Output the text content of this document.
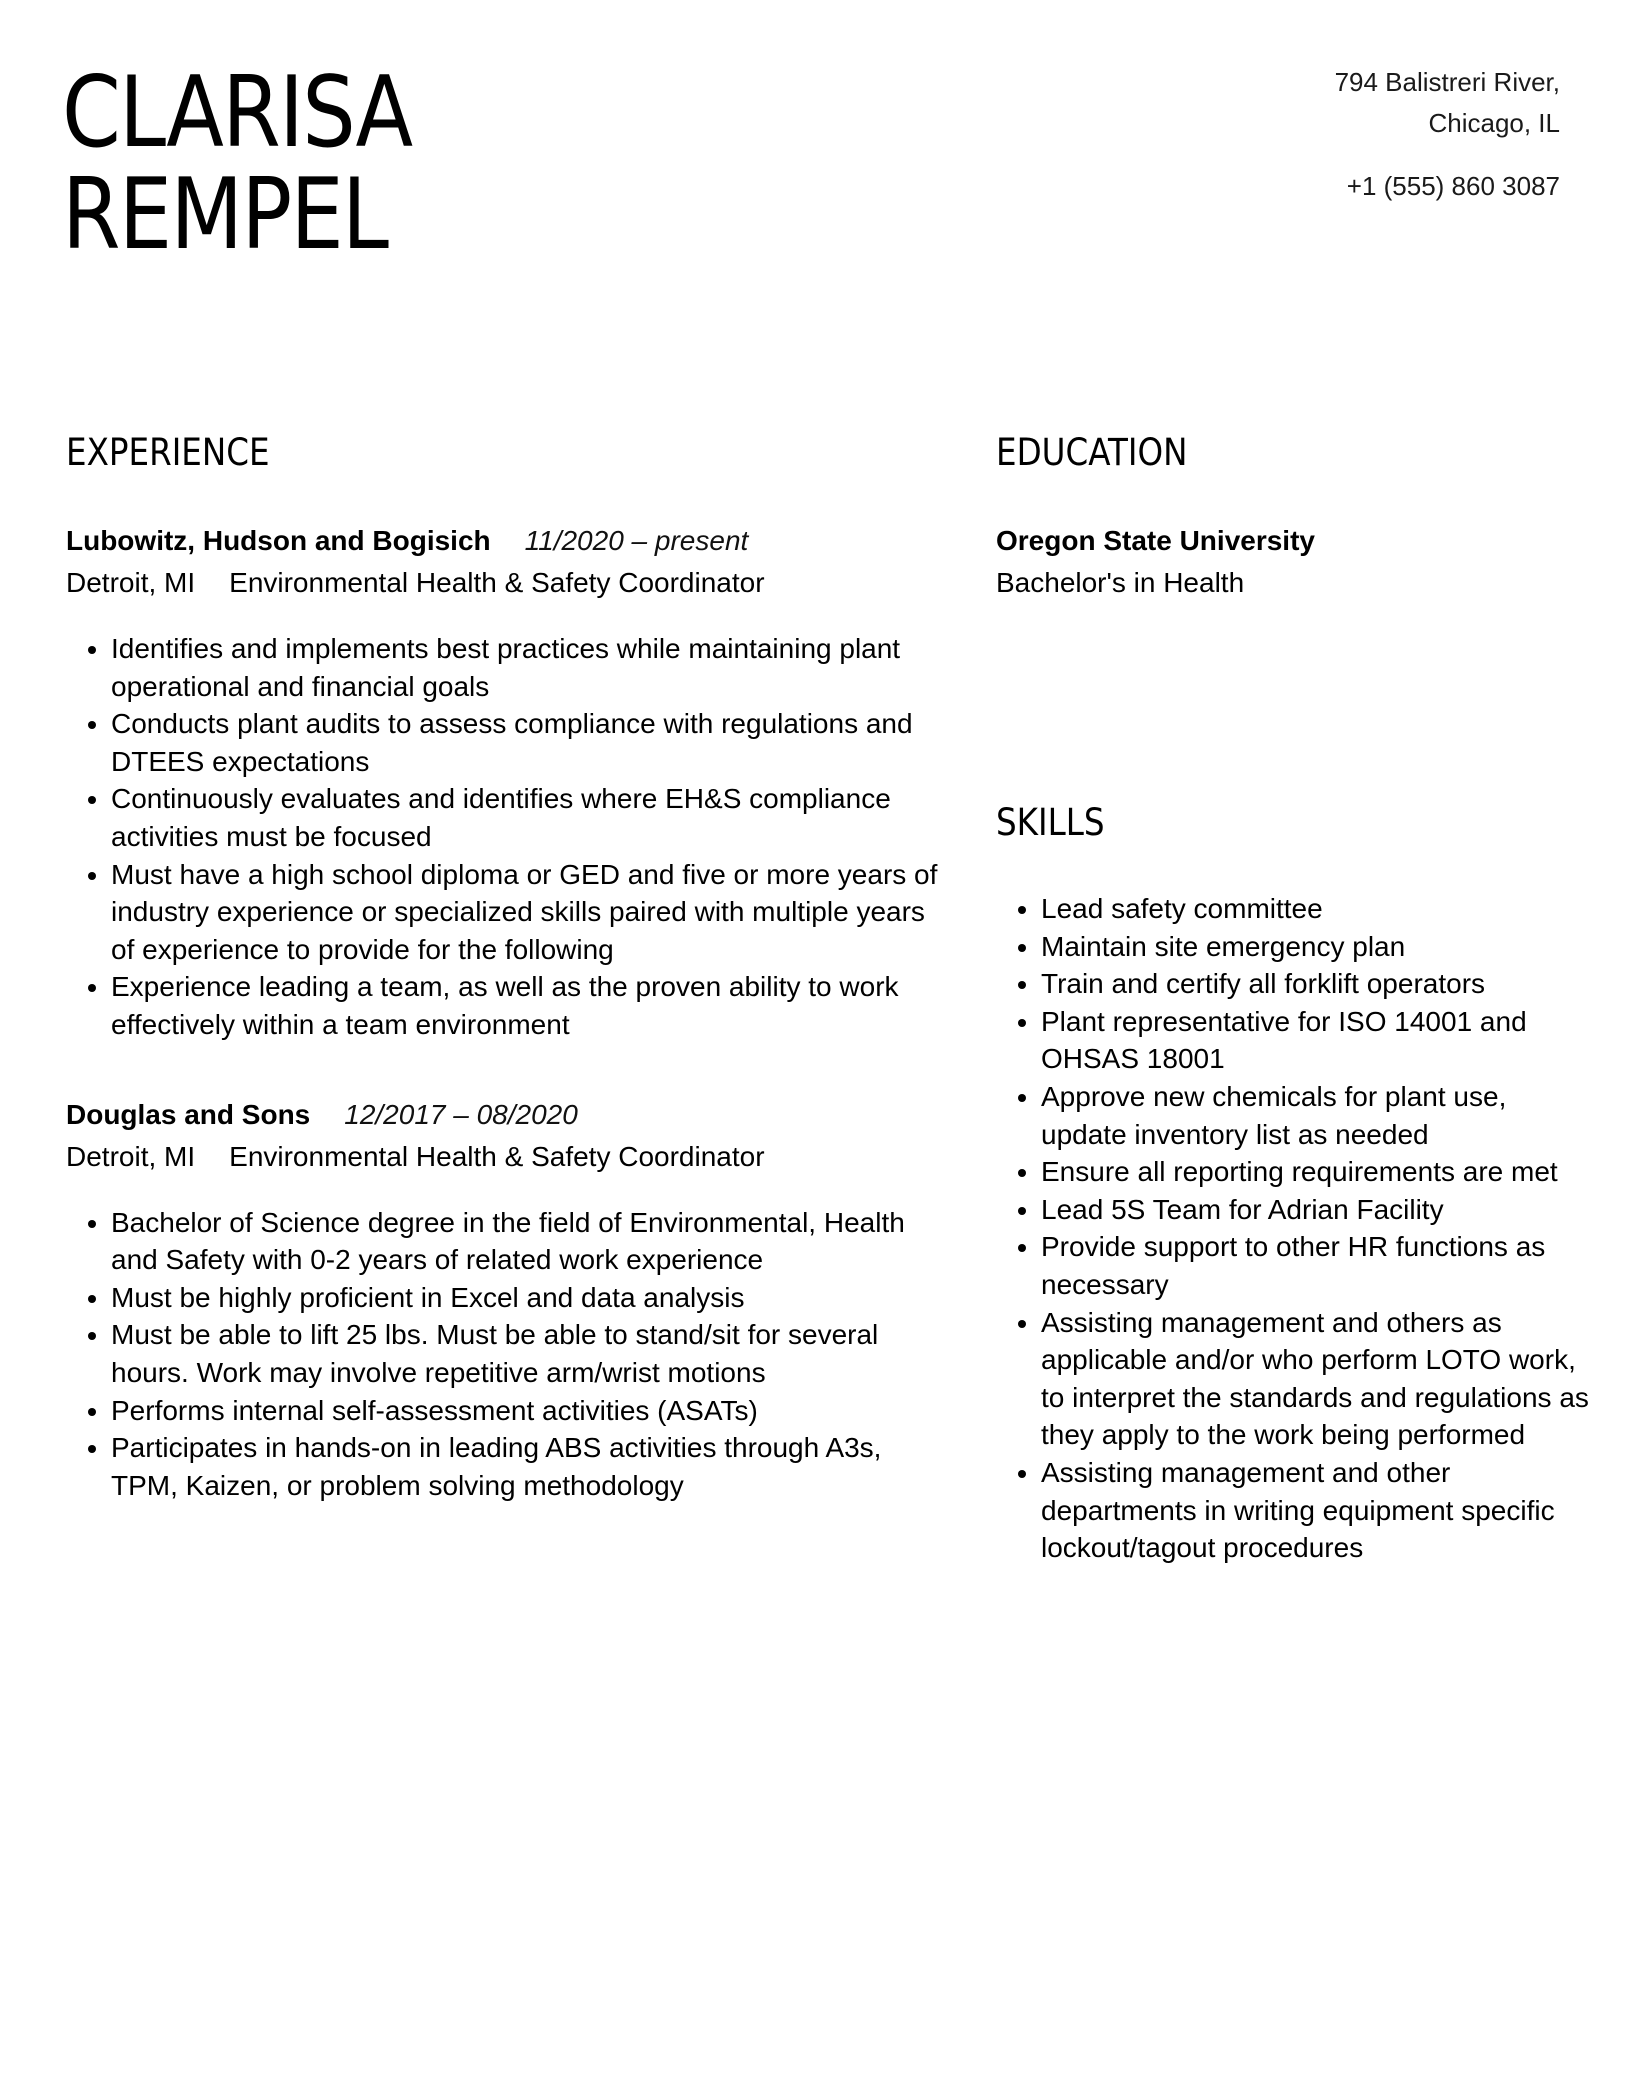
CLARISA
REMPEL
794 Balistreri River,
Chicago, IL
+1 (555) 860 3087
EXPERIENCE
Lubowitz, Hudson and Bogisich 11/2020 – present
Detroit, MI Environmental Health & Safety Coordinator
• Identifies and implements best practices while maintaining plant operational and financial goals
• Conducts plant audits to assess compliance with regulations and DTEES expectations
• Continuously evaluates and identifies where EH&S compliance activities must be focused
• Must have a high school diploma or GED and five or more years of industry experience or specialized skills paired with multiple years of experience to provide for the following
• Experience leading a team, as well as the proven ability to work effectively within a team environment
Douglas and Sons 12/2017 – 08/2020
Detroit, MI Environmental Health & Safety Coordinator
• Bachelor of Science degree in the field of Environmental, Health and Safety with 0-2 years of related work experience
• Must be highly proficient in Excel and data analysis
• Must be able to lift 25 lbs. Must be able to stand/sit for several hours. Work may involve repetitive arm/wrist motions
• Performs internal self-assessment activities (ASATs)
• Participates in hands-on in leading ABS activities through A3s, TPM, Kaizen, or problem solving methodology
EDUCATION
Oregon State University
Bachelor's in Health
SKILLS
• Lead safety committee
• Maintain site emergency plan
• Train and certify all forklift operators
• Plant representative for ISO 14001 and OHSAS 18001
• Approve new chemicals for plant use, update inventory list as needed
• Ensure all reporting requirements are met
• Lead 5S Team for Adrian Facility
• Provide support to other HR functions as necessary
• Assisting management and others as applicable and/or who perform LOTO work, to interpret the standards and regulations as they apply to the work being performed
• Assisting management and other departments in writing equipment specific lockout/tagout procedures
